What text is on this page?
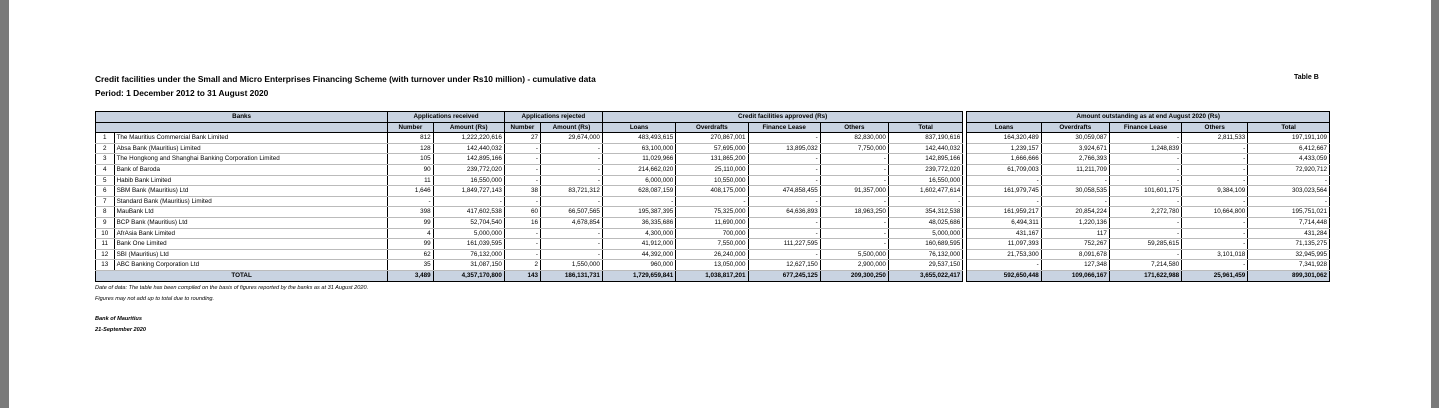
Credit facilities under the Small and Micro Enterprises Financing Scheme (with turnover under Rs10 million) - cumulative data
Period: 1 December 2012 to 31 August 2020
Table B
Banks		Applications received		Applications rejected		Credit facilities approved (Rs)						Amount outstanding as at end August 2020 (Rs)				
		Number	Amount (Rs)	Number	Amount (Rs)	Loans	Overdrafts	Finance Lease	Others	Total		Loans	Overdrafts	Finance Lease	Others	Total
1	The Mauritius Commercial Bank Limited	812	1,222,220,616	27	29,674,000	483,493,615	270,867,001	-	82,830,000	837,190,616		164,320,489	30,059,087	-	2,811,533	197,191,109
2	Absa Bank (Mauritius) Limited	128	142,440,032	-	-	63,100,000	57,695,000	13,895,032	7,750,000	142,440,032		1,239,157	3,924,671	1,248,839	-	6,412,667
3	The Hongkong and Shanghai Banking Corporation Limited	105	142,895,166	-	-	11,029,966	131,865,200	-	-	142,895,166		1,666,666	2,766,393	-	-	4,433,059
4	Bank of Baroda	90	239,772,020	-	-	214,662,020	25,110,000	-	-	239,772,020		61,709,003	11,211,709	-	-	72,920,712
5	Habib Bank Limited	11	16,550,000	-	-	6,000,000	10,550,000	-	-	16,550,000		-	-	-	-	-
6	SBM Bank (Mauritius) Ltd	1,646	1,849,727,143	38	83,721,312	628,087,159	408,175,000	474,858,455	91,357,000	1,602,477,614		161,979,745	30,058,535	101,601,175	9,384,109	303,023,564
7	Standard Bank (Mauritius) Limited	-	-	-	-	-	-	-	-	-		-	-	-	-	-
8	MauBank Ltd	398	417,602,538	60	66,507,565	195,387,395	75,325,000	64,636,893	18,963,250	354,312,538		161,959,217	20,854,224	2,272,780	10,664,800	195,751,021
9	BCP Bank (Mauritius) Ltd	99	52,704,540	16	4,678,854	36,335,686	11,690,000	-	-	48,025,686		6,494,311	1,220,136	-	-	7,714,448
10	AfrAsia Bank Limited	4	5,000,000	-	-	4,300,000	700,000	-	-	5,000,000		431,167	117	-	-	431,284
11	Bank One Limited	99	161,039,595	-	-	41,912,000	7,550,000	111,227,595	-	160,689,595		11,097,393	752,267	59,285,615	-	71,135,275
12	SBI (Mauritius) Ltd	62	76,132,000	-	-	44,392,000	26,240,000	-	5,500,000	76,132,000		21,753,300	8,091,678	-	3,101,018	32,945,995
13	ABC Banking Corporation Ltd	35	31,087,150	2	1,550,000	960,000	13,050,000	12,627,150	2,900,000	29,537,150		-	127,348	7,214,580	-	7,341,928
TOTAL		3,489	4,357,170,800	143	186,131,731	1,729,659,841	1,038,817,201	677,245,125	209,300,250	3,655,022,417		592,650,448	109,066,167	171,622,988	25,961,459	899,301,062
Date of data: The table has been compiled on the basis of figures reported by the banks as at 31 August 2020.
Figures may not add up to total due to rounding.
Bank of Mauritius
21-September 2020
